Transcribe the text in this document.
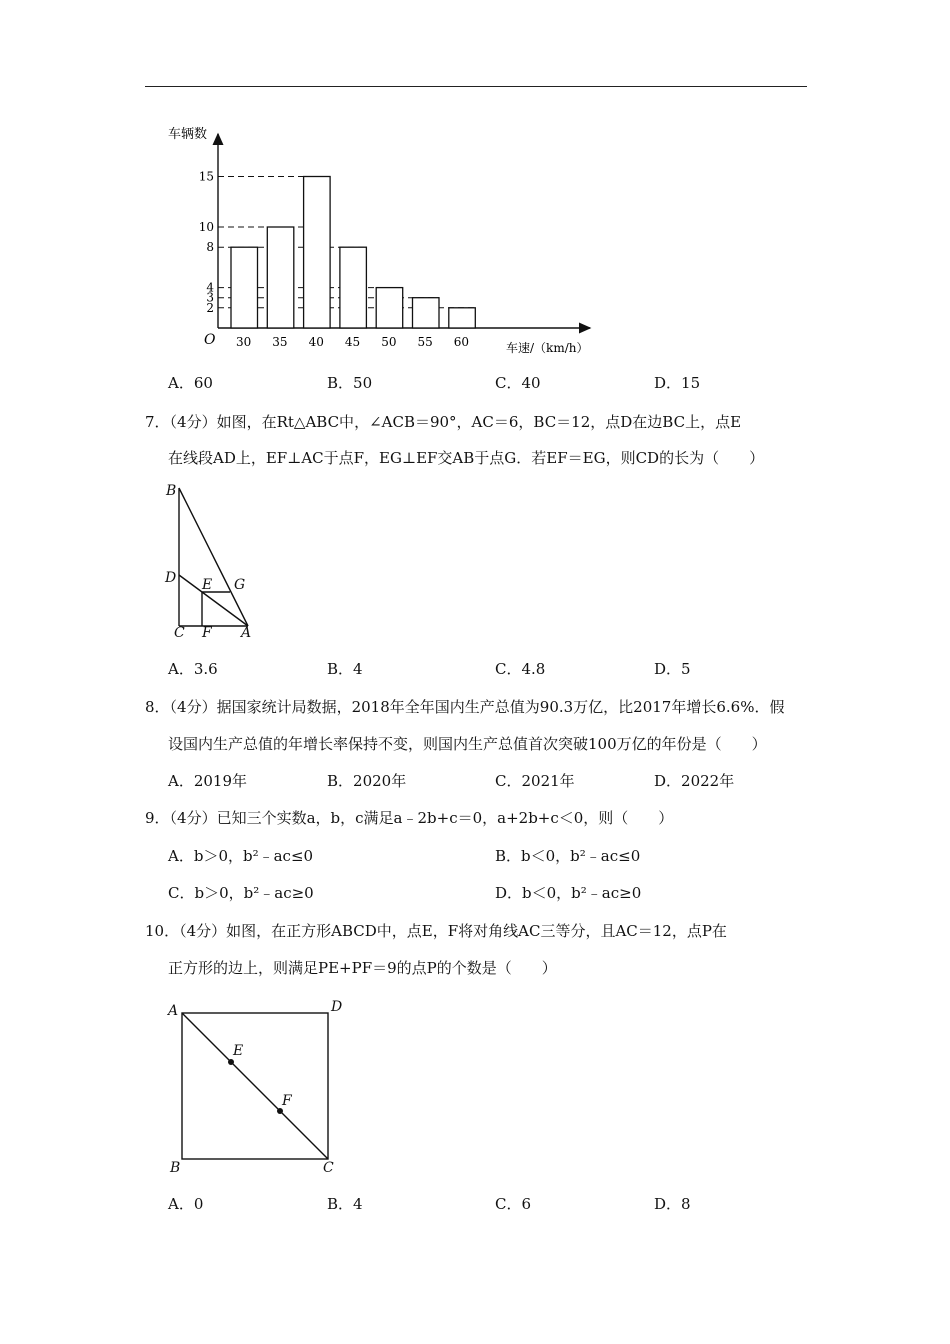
15
10
8
4
3
2
30 35 40 45 50 55 60
车辆数
车速/（km/h）
O
A．60	B．50	C．40	D．15
7．（4分）如图，在Rt△ABC中，∠ACB＝90°，AC＝6，BC＝12，点D在边BC上，点E
在线段AD上，EF⊥AC于点F，EG⊥EF交AB于点G．若EF＝EG，则CD的长为（　　）
B
D E G
C F A
A．3.6	B．4	C．4.8	D．5
8．（4分）据国家统计局数据，2018年全年国内生产总值为90.3万亿，比2017年增长6.6%．假
设国内生产总值的年增长率保持不变，则国内生产总值首次突破100万亿的年份是（　　）
A．2019年	B．2020年	C．2021年	D．2022年
9．（4分）已知三个实数a，b，c满足a﹣2b+c＝0，a+2b+c＜0，则（　　）
A．b＞0，b²﹣ac≤0	B．b＜0，b²﹣ac≤0
C．b＞0，b²﹣ac≥0	D．b＜0，b²﹣ac≥0
10．（4分）如图，在正方形ABCD中，点E，F将对角线AC三等分，且AC＝12，点P在
正方形的边上，则满足PE+PF＝9的点P的个数是（　　）
A	D
E
F
B	C
A．0	B．4	C．6	D．8
